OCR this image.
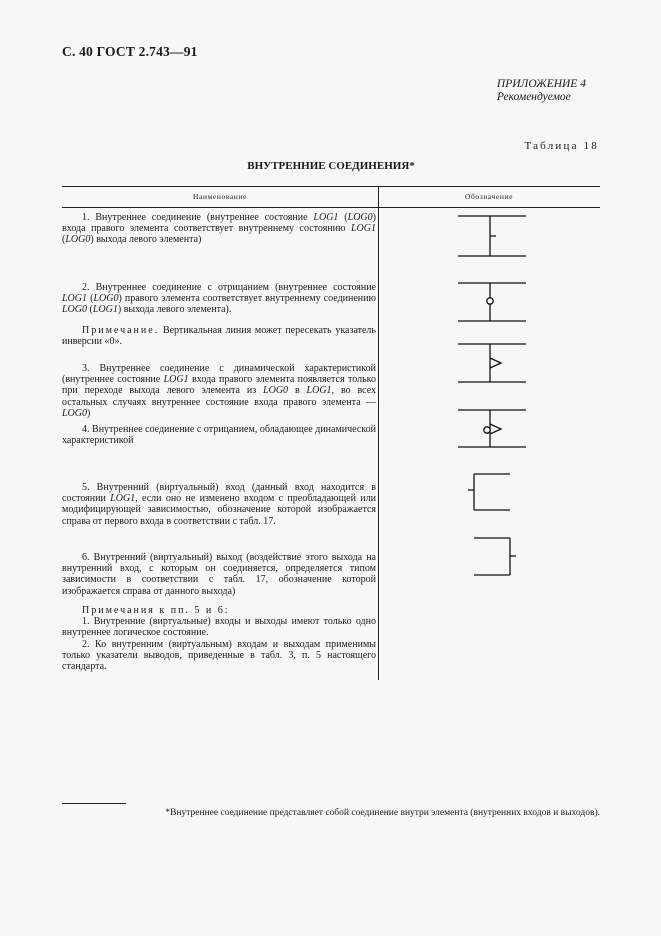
С. 40 ГОСТ 2.743—91
ПРИЛОЖЕНИЕ 4
Рекомендуемое
Таблица 18
ВНУТРЕННИЕ СОЕДИНЕНИЯ*
Наименование	Обозначение

1. Внутреннее соединение (внутреннее состояние LOG1 (LOG0) входа правого элемента соответствует внутреннему состоянию LOG1 (LOG0) выхода левого элемента)

2. Внутреннее соединение с отрицанием (внутреннее состояние LOG1 (LOG0) правого элемента соответствует внутреннему соединению LOG0 (LOG1) выхода левого элемента).

Примечание. Вертикальная линия может пересекать указатель инверсии «0».

3. Внутреннее соединение с динамической характеристикой (внутреннее состояние LOG1 входа правого элемента появляется только при переходе выхода левого элемента из LOG0 в LOG1, во всех остальных случаях внутреннее состояние входа правого элемента — LOG0)

4. Внутреннее соединение с отрицанием, обладающее динамической характеристикой

5. Внутренний (виртуальный) вход (данный вход находится в состоянии LOG1, если оно не изменено входом с преобладающей или модифицирующей зависимостью, обозначение которой изображается справа от первого входа в соответствии с табл. 17.

6. Внутренний (виртуальный) выход (воздействие этого выхода на внутренний вход, с которым он соединяется, определяется типом зависимости в соответствии с табл. 17, обозначение которой изображается справа от данного выхода)

Примечания к пп. 5 и 6:

1. Внутренние (виртуальные) входы и выходы имеют только одно внутреннее логическое состояние.

2. Ко внутренним (виртуальным) входам и выходам применимы только указатели выводов, приведенные в табл. 3, п. 5 настоящего стандарта.

*Внутреннее соединение представляет собой соединение внутри элемента (внутренних входов и выходов).
